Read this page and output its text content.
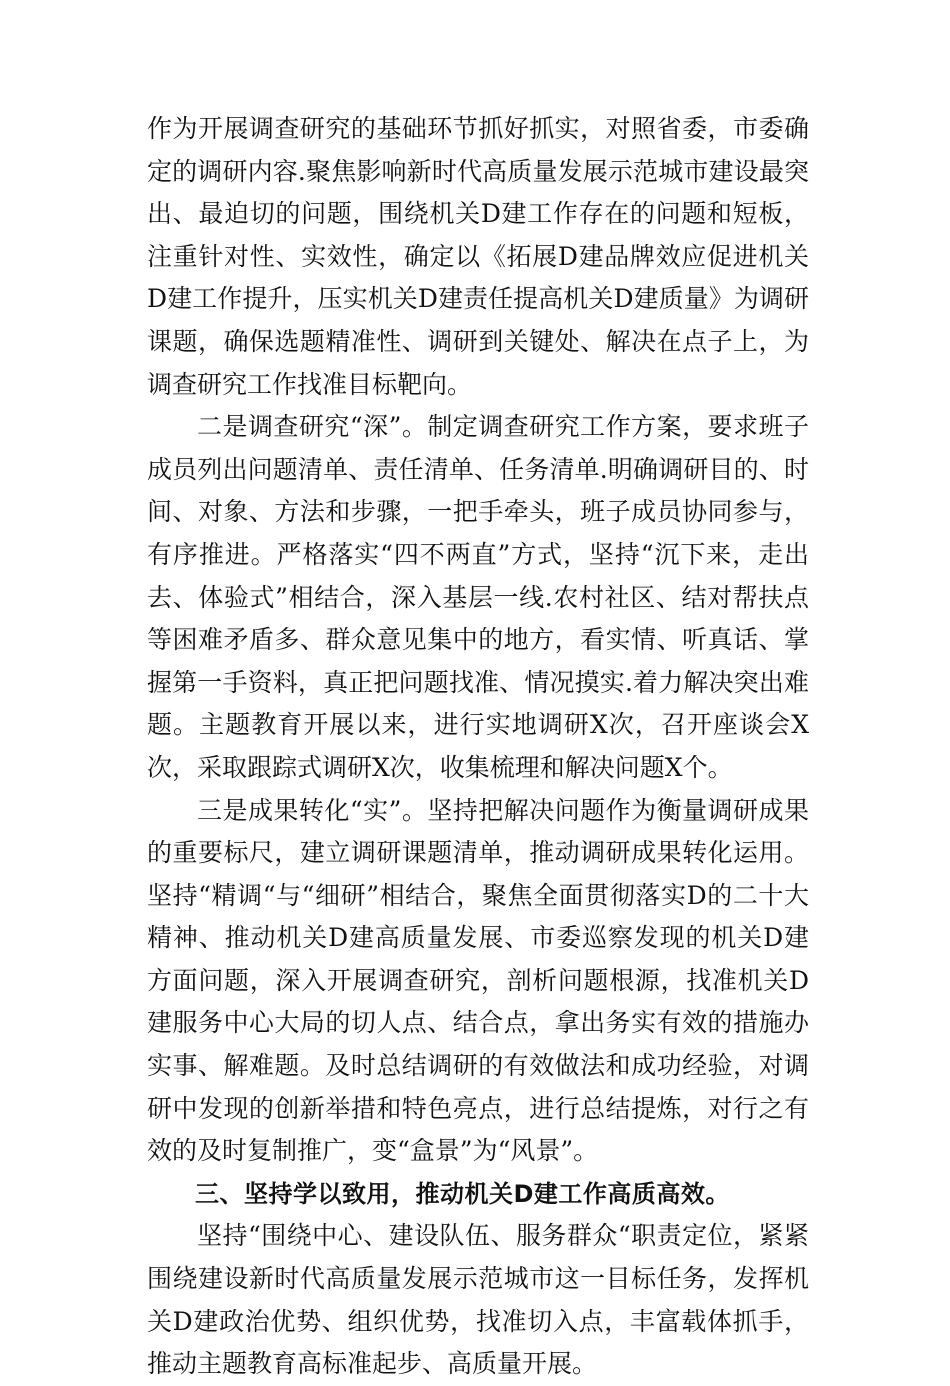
作为开展调查研究的基础环节抓好抓实，对照省委，市委确定的调研内容.聚焦影响新时代高质量发展示范城市建设最突出、最迫切的问题，围绕机关D建工作存在的问题和短板，注重针对性、实效性，确定以《拓展D建品牌效应促进机关D建工作提升，压实机关D建责任提高机关D建质量》为调研课题，确保选题精准性、调研到关键处、解决在点子上，为调查研究工作找准目标靶向。

二是调查研究“深”。制定调查研究工作方案，要求班子成员列出问题清单、责任清单、任务清单.明确调研目的、时间、对象、方法和步骤，一把手牵头，班子成员协同参与，有序推进。严格落实“四不两直”方式，坚持“沉下来，走出去、体验式”相结合，深入基层一线.农村社区、结对帮扶点等困难矛盾多、群众意见集中的地方，看实情、听真话、掌握第一手资料，真正把问题找准、情况摸实.着力解决突出难题。主题教育开展以来，进行实地调研X次，召开座谈会X次，采取跟踪式调研X次，收集梳理和解决问题X个。

三是成果转化“实”。坚持把解决问题作为衡量调研成果的重要标尺，建立调研课题清单，推动调研成果转化运用。坚持“精调“与“细研”相结合，聚焦全面贯彻落实D的二十大精神、推动机关D建高质量发展、市委巡察发现的机关D建方面问题，深入开展调查研究，剖析问题根源，找准机关D建服务中心大局的切人点、结合点，拿出务实有效的措施办实事、解难题。及时总结调研的有效做法和成功经验，对调研中发现的创新举措和特色亮点，进行总结提炼，对行之有效的及时复制推广，变“盒景”为“风景”。

三、坚持学以致用，推动机关D建工作高质高效。

坚持“围绕中心、建设队伍、服务群众“职责定位，紧紧围绕建设新时代高质量发展示范城市这一目标任务，发挥机关D建政治优势、组织优势，找准切入点，丰富载体抓手，推动主题教育高标准起步、高质量开展。
